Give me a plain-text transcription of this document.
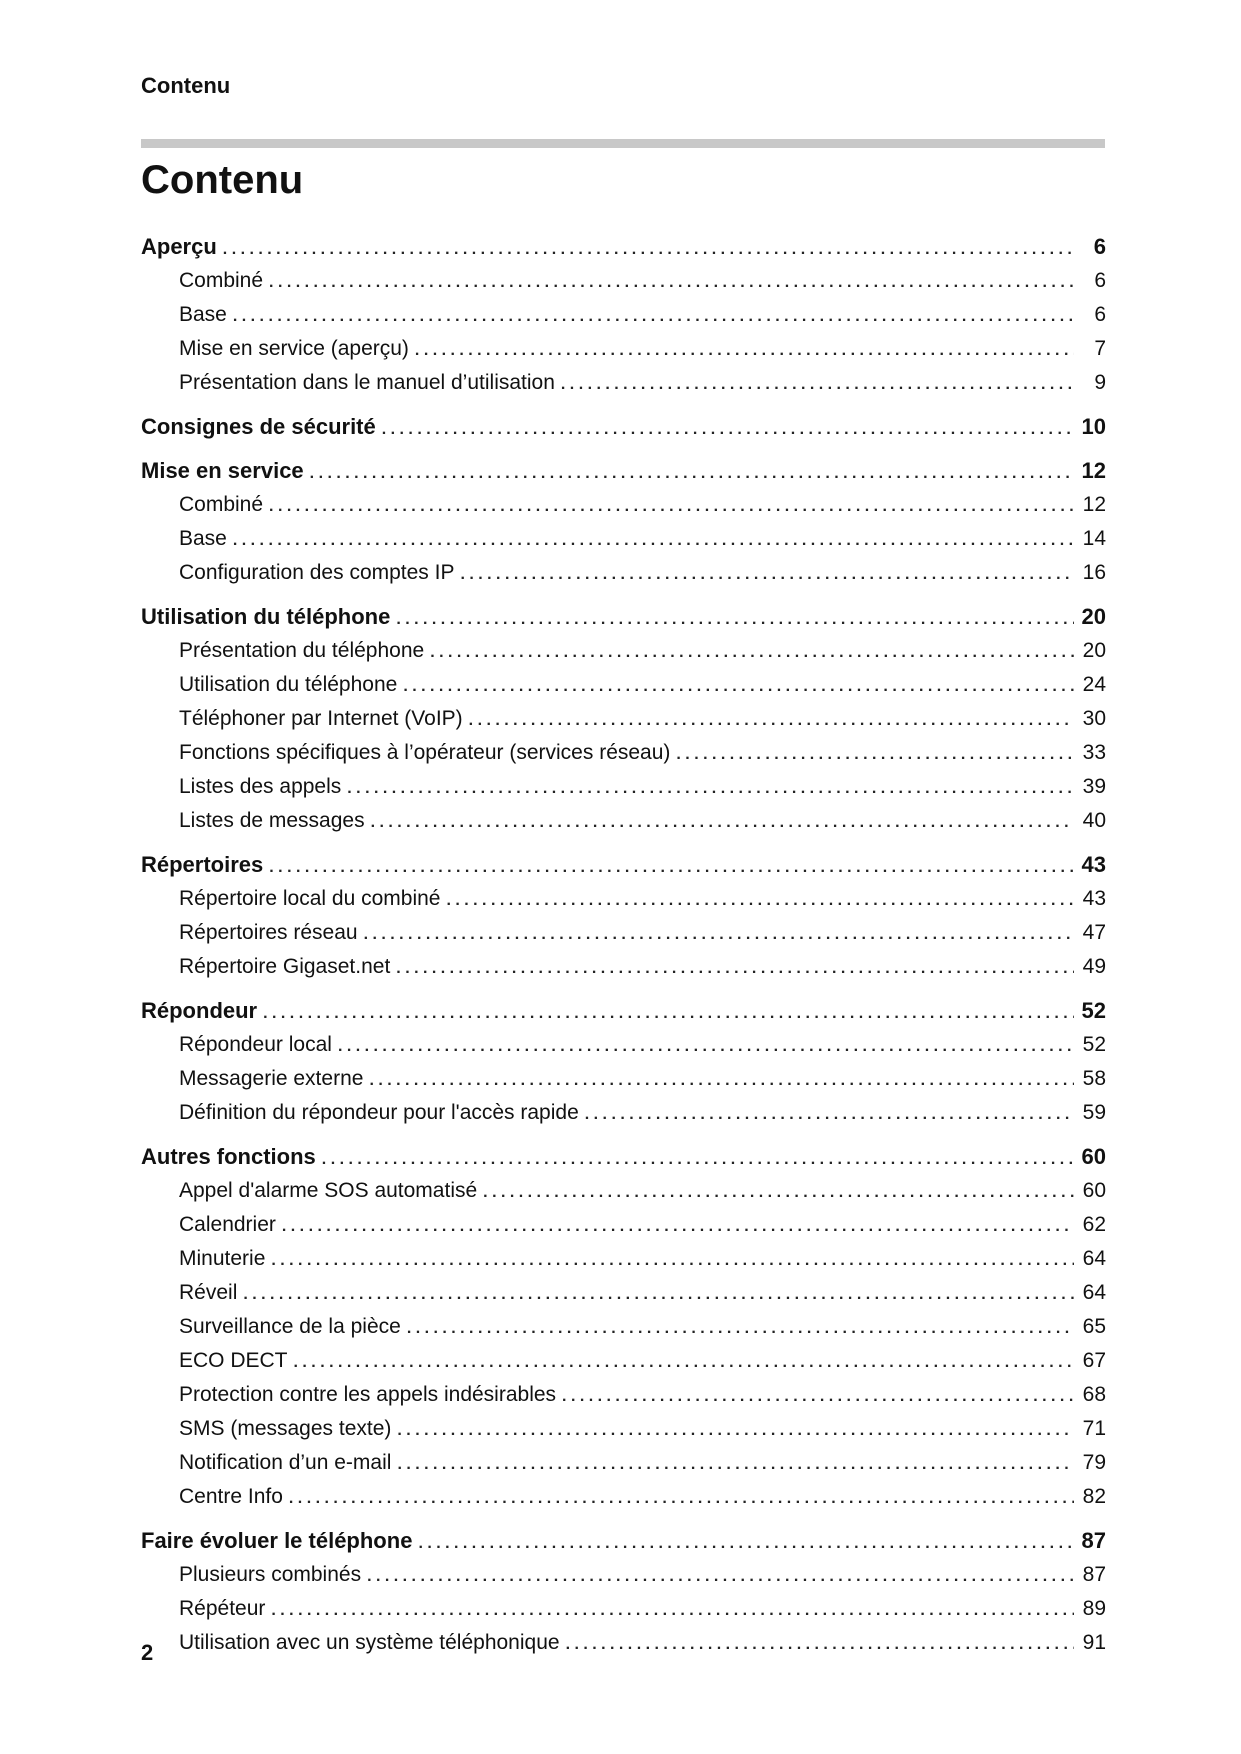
Contenu
Contenu
Aperçu . . .	6
Combiné . . .	6
Base . . .	6
Mise en service (aperçu) . . .	7
Présentation dans le manuel d’utilisation . . .	9
Consignes de sécurité . . .	10
Mise en service . . .	12
Combiné . . .	12
Base . . .	14
Configuration des comptes IP . . .	16
Utilisation du téléphone . . .	20
Présentation du téléphone . . .	20
Utilisation du téléphone . . .	24
Téléphoner par Internet (VoIP) . . .	30
Fonctions spécifiques à l’opérateur (services réseau) . . .	33
Listes des appels . . .	39
Listes de messages . . .	40
Répertoires . . .	43
Répertoire local du combiné . . .	43
Répertoires réseau . . .	47
Répertoire Gigaset.net . . .	49
Répondeur . . .	52
Répondeur local . . .	52
Messagerie externe . . .	58
Définition du répondeur pour l'accès rapide . . .	59
Autres fonctions . . .	60
Appel d'alarme SOS automatisé . . .	60
Calendrier . . .	62
Minuterie . . .	64
Réveil . . .	64
Surveillance de la pièce . . .	65
ECO DECT . . .	67
Protection contre les appels indésirables . . .	68
SMS (messages texte) . . .	71
Notification d’un e-mail . . .	79
Centre Info . . .	82
Faire évoluer le téléphone . . .	87
Plusieurs combinés . . .	87
Répéteur . . .	89
Utilisation avec un système téléphonique . . .	91
2
